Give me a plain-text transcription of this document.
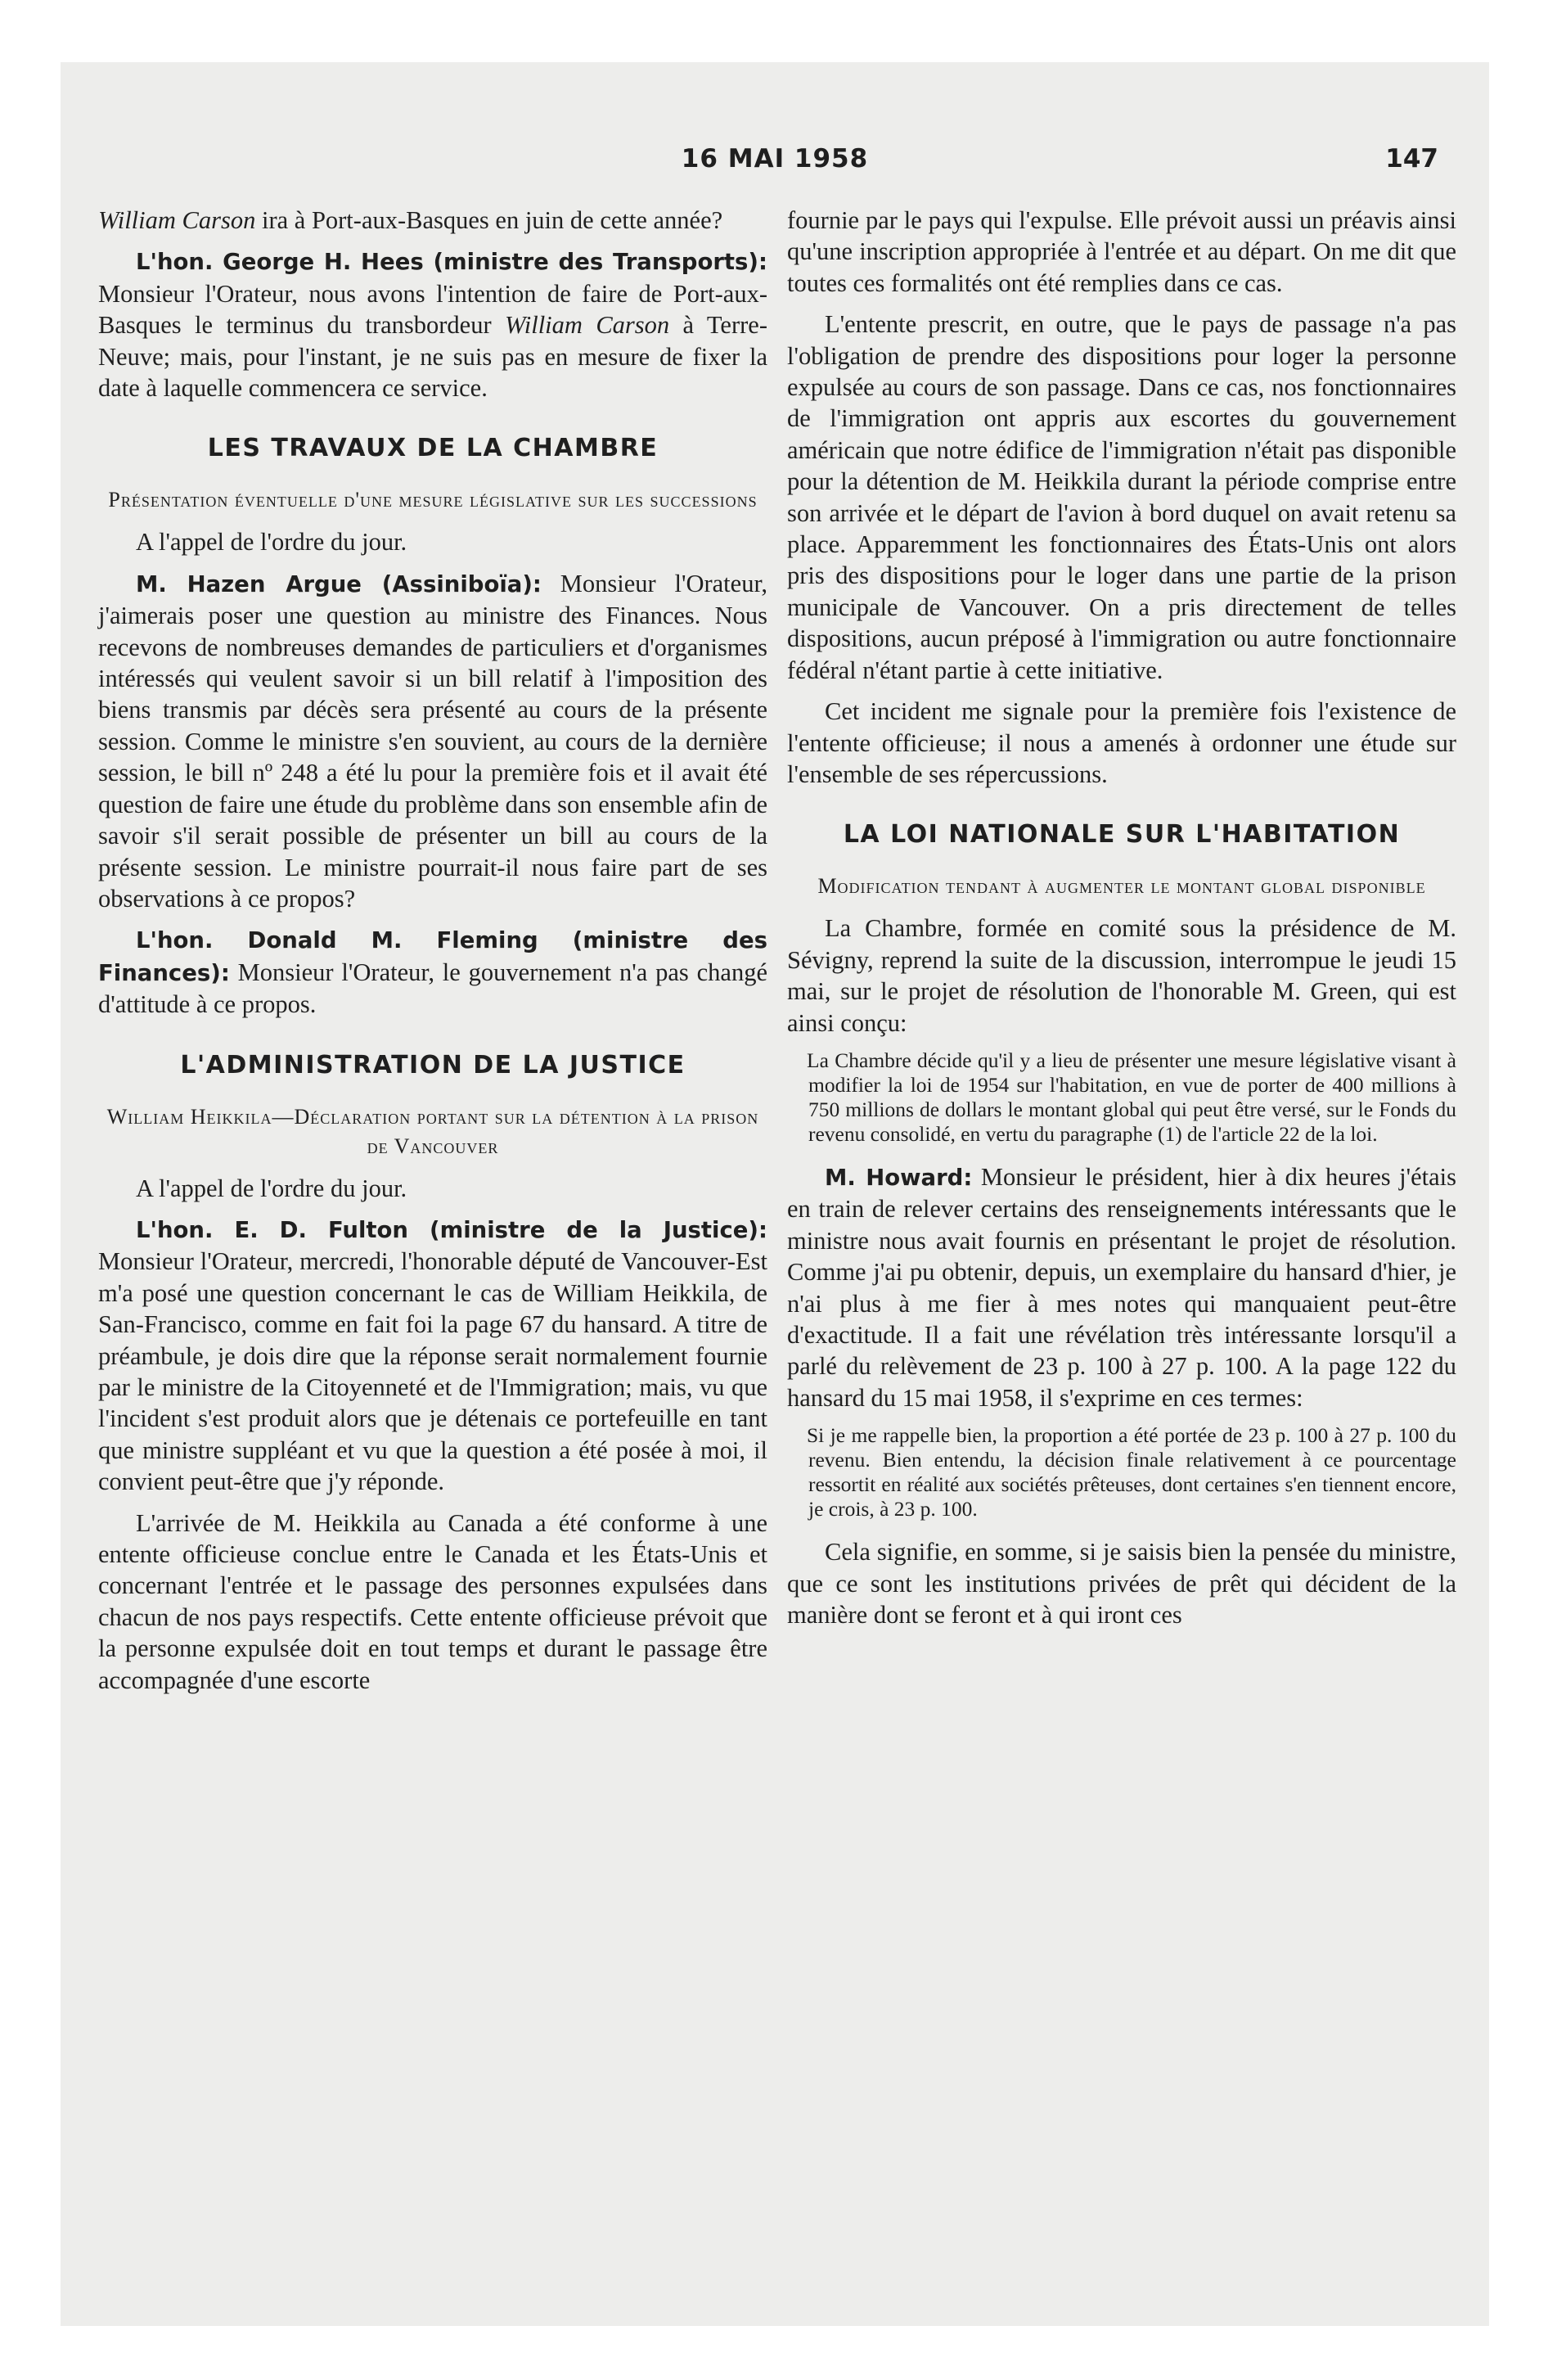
16 MAI 1958	147

William Carson ira à Port-aux-Basques en juin de cette année?

L'hon. George H. Hees (ministre des Transports): Monsieur l'Orateur, nous avons l'intention de faire de Port-aux-Basques le terminus du transbordeur William Carson à Terre-Neuve; mais, pour l'instant, je ne suis pas en mesure de fixer la date à laquelle commencera ce service.

LES TRAVAUX DE LA CHAMBRE
Présentation éventuelle d'une mesure législative sur les successions

A l'appel de l'ordre du jour.

M. Hazen Argue (Assiniboïa): Monsieur l'Orateur, j'aimerais poser une question au ministre des Finances. Nous recevons de nombreuses demandes de particuliers et d'organismes intéressés qui veulent savoir si un bill relatif à l'imposition des biens transmis par décès sera présenté au cours de la présente session. Comme le ministre s'en souvient, au cours de la dernière session, le bill nº 248 a été lu pour la première fois et il avait été question de faire une étude du problème dans son ensemble afin de savoir s'il serait possible de présenter un bill au cours de la présente session. Le ministre pourrait-il nous faire part de ses observations à ce propos?

L'hon. Donald M. Fleming (ministre des Finances): Monsieur l'Orateur, le gouvernement n'a pas changé d'attitude à ce propos.

L'ADMINISTRATION DE LA JUSTICE
William Heikkila—Déclaration portant sur la détention à la prison de Vancouver

A l'appel de l'ordre du jour.

L'hon. E. D. Fulton (ministre de la Justice): Monsieur l'Orateur, mercredi, l'honorable député de Vancouver-Est m'a posé une question concernant le cas de William Heikkila, de San-Francisco, comme en fait foi la page 67 du hansard. A titre de préambule, je dois dire que la réponse serait normalement fournie par le ministre de la Citoyenneté et de l'Immigration; mais, vu que l'incident s'est produit alors que je détenais ce portefeuille en tant que ministre suppléant et vu que la question a été posée à moi, il convient peut-être que j'y réponde.

L'arrivée de M. Heikkila au Canada a été conforme à une entente officieuse conclue entre le Canada et les États-Unis et concernant l'entrée et le passage des personnes expulsées dans chacun de nos pays respectifs. Cette entente officieuse prévoit que la personne expulsée doit en tout temps et durant le passage être accompagnée d'une escorte

fournie par le pays qui l'expulse. Elle prévoit aussi un préavis ainsi qu'une inscription appropriée à l'entrée et au départ. On me dit que toutes ces formalités ont été remplies dans ce cas.

L'entente prescrit, en outre, que le pays de passage n'a pas l'obligation de prendre des dispositions pour loger la personne expulsée au cours de son passage. Dans ce cas, nos fonctionnaires de l'immigration ont appris aux escortes du gouvernement américain que notre édifice de l'immigration n'était pas disponible pour la détention de M. Heikkila durant la période comprise entre son arrivée et le départ de l'avion à bord duquel on avait retenu sa place. Apparemment les fonctionnaires des États-Unis ont alors pris des dispositions pour le loger dans une partie de la prison municipale de Vancouver. On a pris directement de telles dispositions, aucun préposé à l'immigration ou autre fonctionnaire fédéral n'étant partie à cette initiative.

Cet incident me signale pour la première fois l'existence de l'entente officieuse; il nous a amenés à ordonner une étude sur l'ensemble de ses répercussions.

LA LOI NATIONALE SUR L'HABITATION
Modification tendant à augmenter le montant global disponible

La Chambre, formée en comité sous la présidence de M. Sévigny, reprend la suite de la discussion, interrompue le jeudi 15 mai, sur le projet de résolution de l'honorable M. Green, qui est ainsi conçu:

La Chambre décide qu'il y a lieu de présenter une mesure législative visant à modifier la loi de 1954 sur l'habitation, en vue de porter de 400 millions à 750 millions de dollars le montant global qui peut être versé, sur le Fonds du revenu consolidé, en vertu du paragraphe (1) de l'article 22 de la loi.

M. Howard: Monsieur le président, hier à dix heures j'étais en train de relever certains des renseignements intéressants que le ministre nous avait fournis en présentant le projet de résolution. Comme j'ai pu obtenir, depuis, un exemplaire du hansard d'hier, je n'ai plus à me fier à mes notes qui manquaient peut-être d'exactitude. Il a fait une révélation très intéressante lorsqu'il a parlé du relèvement de 23 p. 100 à 27 p. 100. A la page 122 du hansard du 15 mai 1958, il s'exprime en ces termes:

Si je me rappelle bien, la proportion a été portée de 23 p. 100 à 27 p. 100 du revenu. Bien entendu, la décision finale relativement à ce pourcentage ressortit en réalité aux sociétés prêteuses, dont certaines s'en tiennent encore, je crois, à 23 p. 100.

Cela signifie, en somme, si je saisis bien la pensée du ministre, que ce sont les institutions privées de prêt qui décident de la manière dont se feront et à qui iront ces
